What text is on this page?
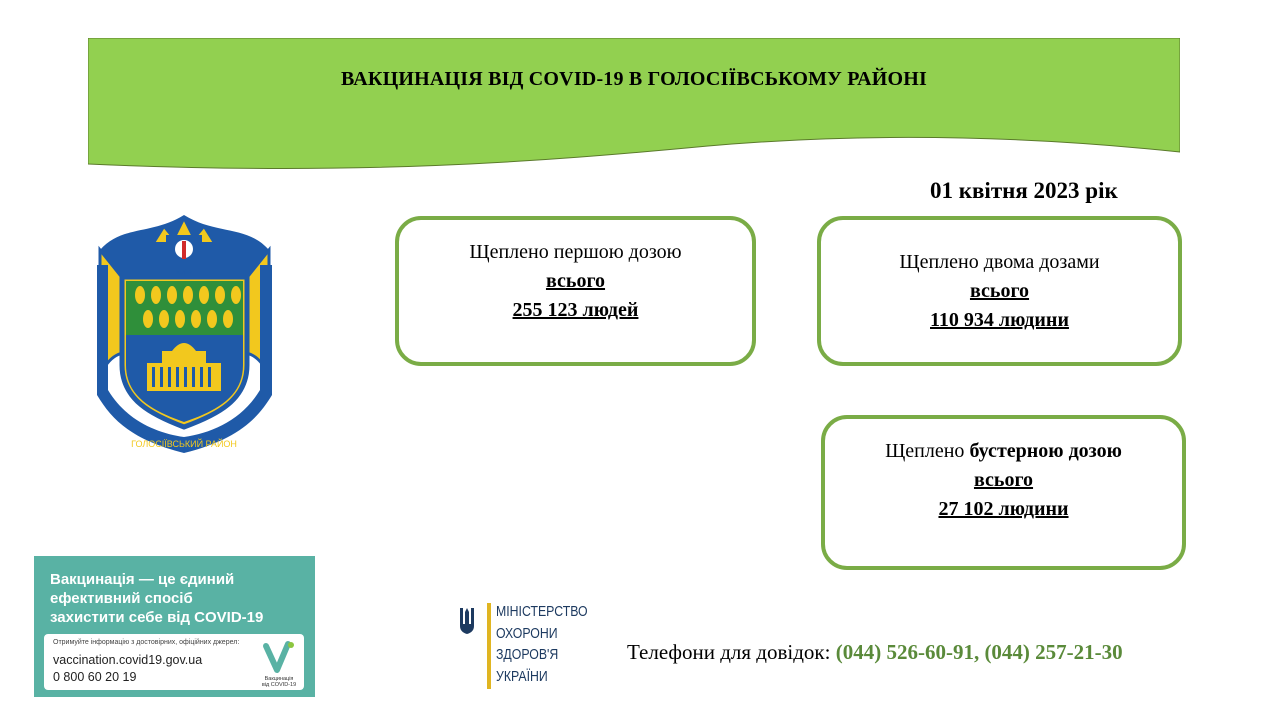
ВАКЦИНАЦІЯ ВІД COVID-19 В ГОЛОСІЇВСЬКОМУ РАЙОНІ
01 квітня 2023 рік
КИЇВ
ГОЛОСІЇВСЬКИЙ РАЙОН
Щеплено першою дозою
всього
255 123 людей
Щеплено двома дозами
всього
110 934 людини
Щеплено бустерною дозою
всього
27 102 людини
Вакцинація — це єдиний
ефективний спосіб
захистити себе від COVID-19
Отримуйте інформацію з достовірних, офіційних джерел:
vaccination.covid19.gov.ua
0 800 60 20 19	Вакцинація
від COVID-19
МІНІСТЕРСТВО
ОХОРОНИ
ЗДОРОВ'Я
УКРАЇНИ
Телефони для довідок: (044) 526-60-91, (044) 257-21-30
